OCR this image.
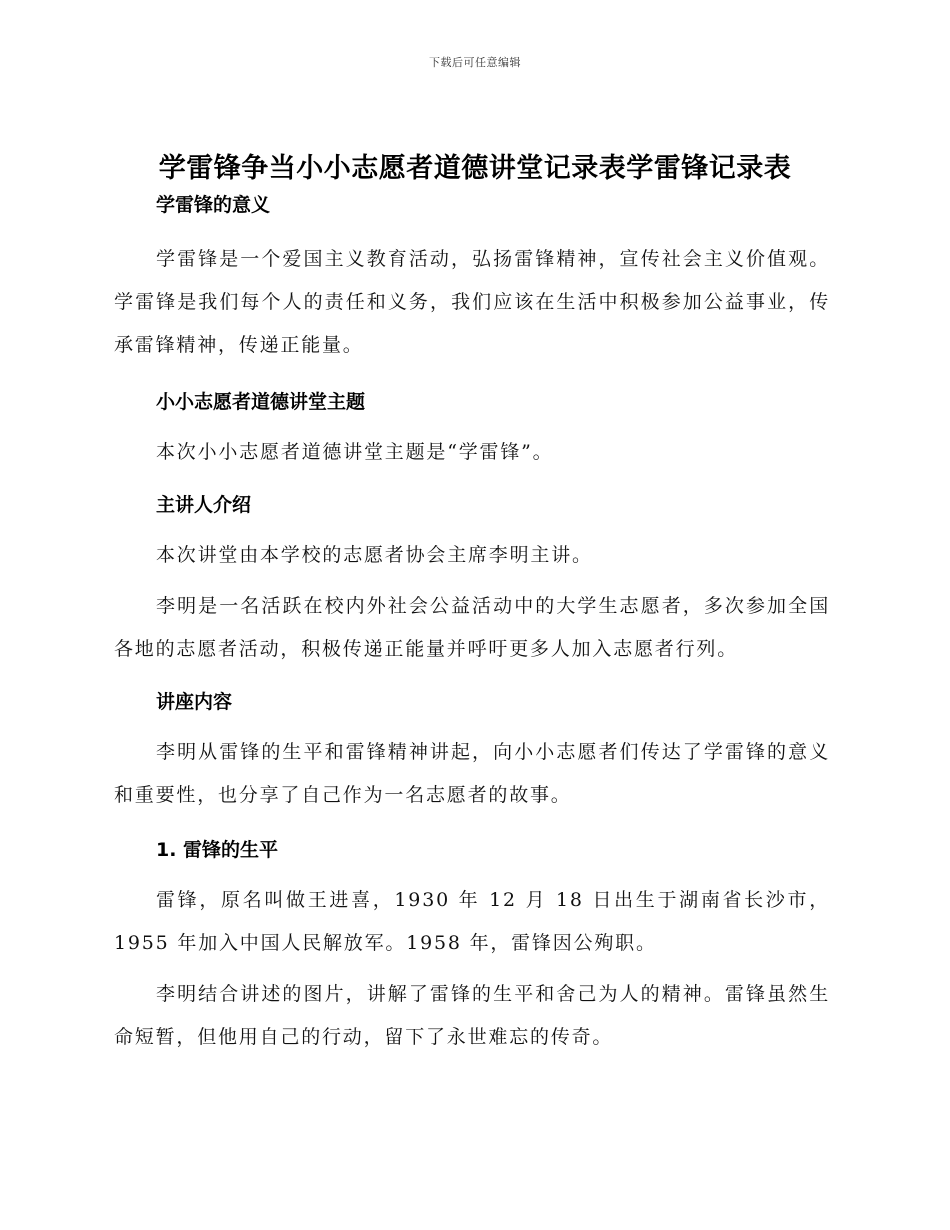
下载后可任意编辑
学雷锋争当小小志愿者道德讲堂记录表学雷锋记录表
学雷锋的意义

学雷锋是一个爱国主义教育活动，弘扬雷锋精神，宣传社会主义价值观。学雷锋是我们每个人的责任和义务，我们应该在生活中积极参加公益事业，传承雷锋精神，传递正能量。

小小志愿者道德讲堂主题

本次小小志愿者道德讲堂主题是“学雷锋”。

主讲人介绍

本次讲堂由本学校的志愿者协会主席李明主讲。

李明是一名活跃在校内外社会公益活动中的大学生志愿者，多次参加全国各地的志愿者活动，积极传递正能量并呼吁更多人加入志愿者行列。

讲座内容

李明从雷锋的生平和雷锋精神讲起，向小小志愿者们传达了学雷锋的意义和重要性，也分享了自己作为一名志愿者的故事。

1. 雷锋的生平

雷锋，原名叫做王进喜，1930 年 12 月 18 日出生于湖南省长沙市，1955 年加入中国人民解放军。1958 年，雷锋因公殉职。

李明结合讲述的图片，讲解了雷锋的生平和舍己为人的精神。雷锋虽然生命短暂，但他用自己的行动，留下了永世难忘的传奇。
